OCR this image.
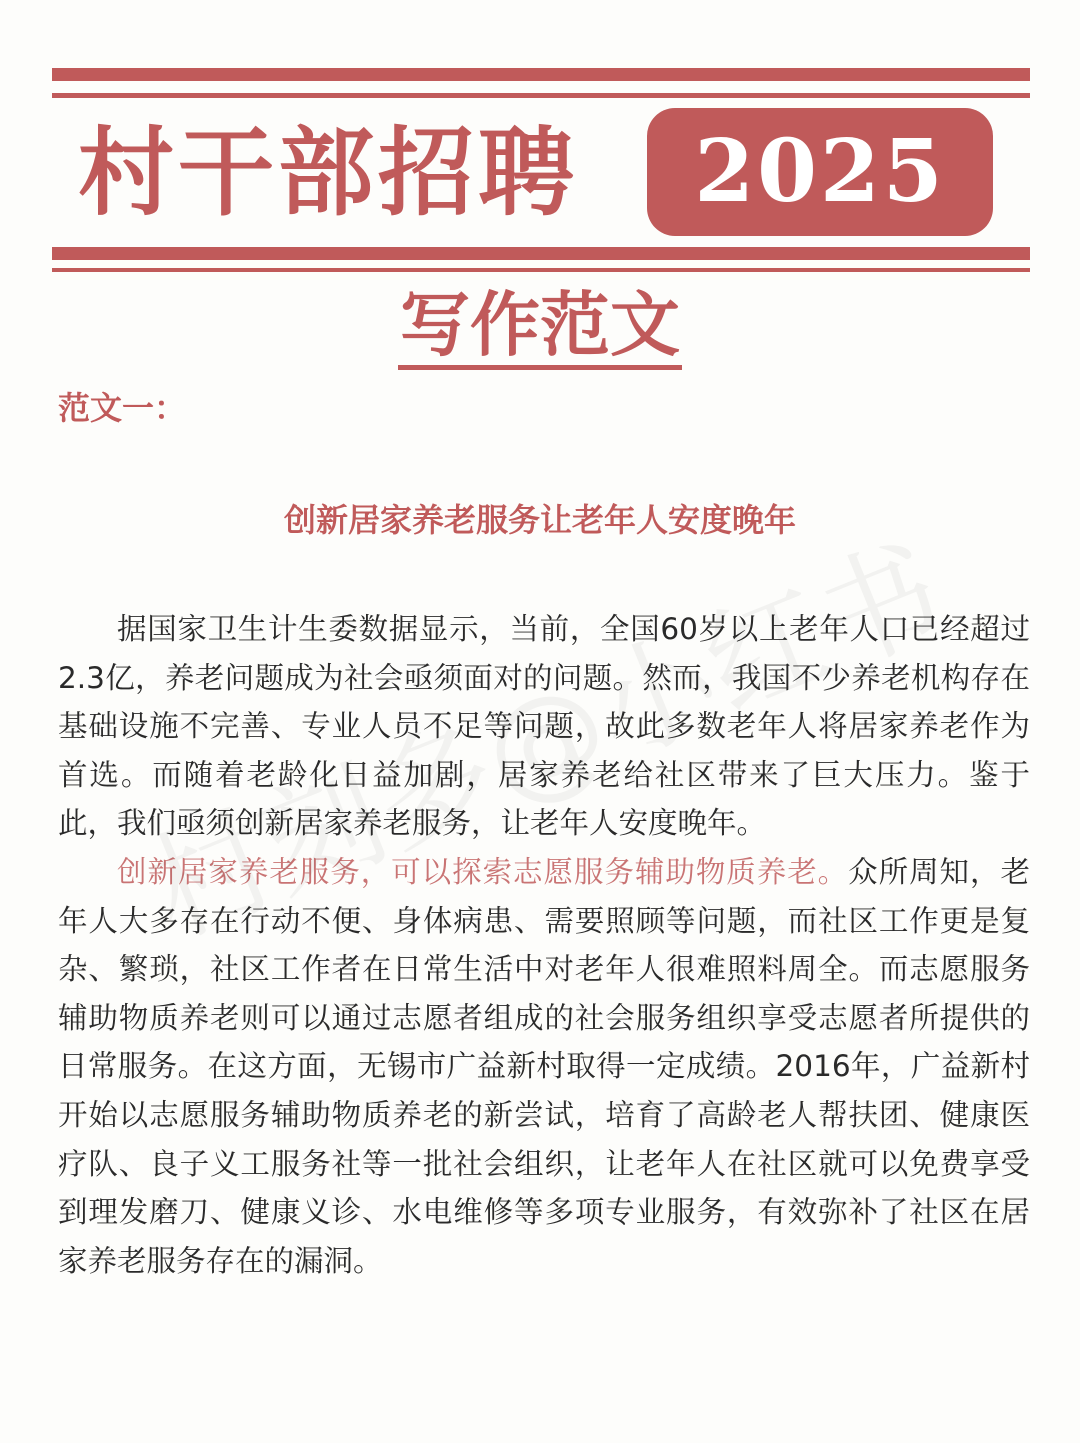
村干部招聘	2025
写作范文
范文一：
创新居家养老服务让老年人安度晚年

据国家卫生计生委数据显示，当前，全国60岁以上老年人口已经超过2.3亿，养老问题成为社会亟须面对的问题。然而，我国不少养老机构存在基础设施不完善、专业人员不足等问题，故此多数老年人将居家养老作为首选。而随着老龄化日益加剧，居家养老给社区带来了巨大压力。鉴于此，我们亟须创新居家养老服务，让老年人安度晚年。

创新居家养老服务，可以探索志愿服务辅助物质养老。众所周知，老年人大多存在行动不便、身体病患、需要照顾等问题，而社区工作更是复杂、繁琐，社区工作者在日常生活中对老年人很难照料周全。而志愿服务辅助物质养老则可以通过志愿者组成的社会服务组织享受志愿者所提供的日常服务。在这方面，无锡市广益新村取得一定成绩。2016年，广益新村开始以志愿服务辅助物质养老的新尝试，培育了高龄老人帮扶团、健康医疗队、良子义工服务社等一批社会组织，让老年人在社区就可以免费享受到理发磨刀、健康义诊、水电维修等多项专业服务，有效弥补了社区在居家养老服务存在的漏洞。
